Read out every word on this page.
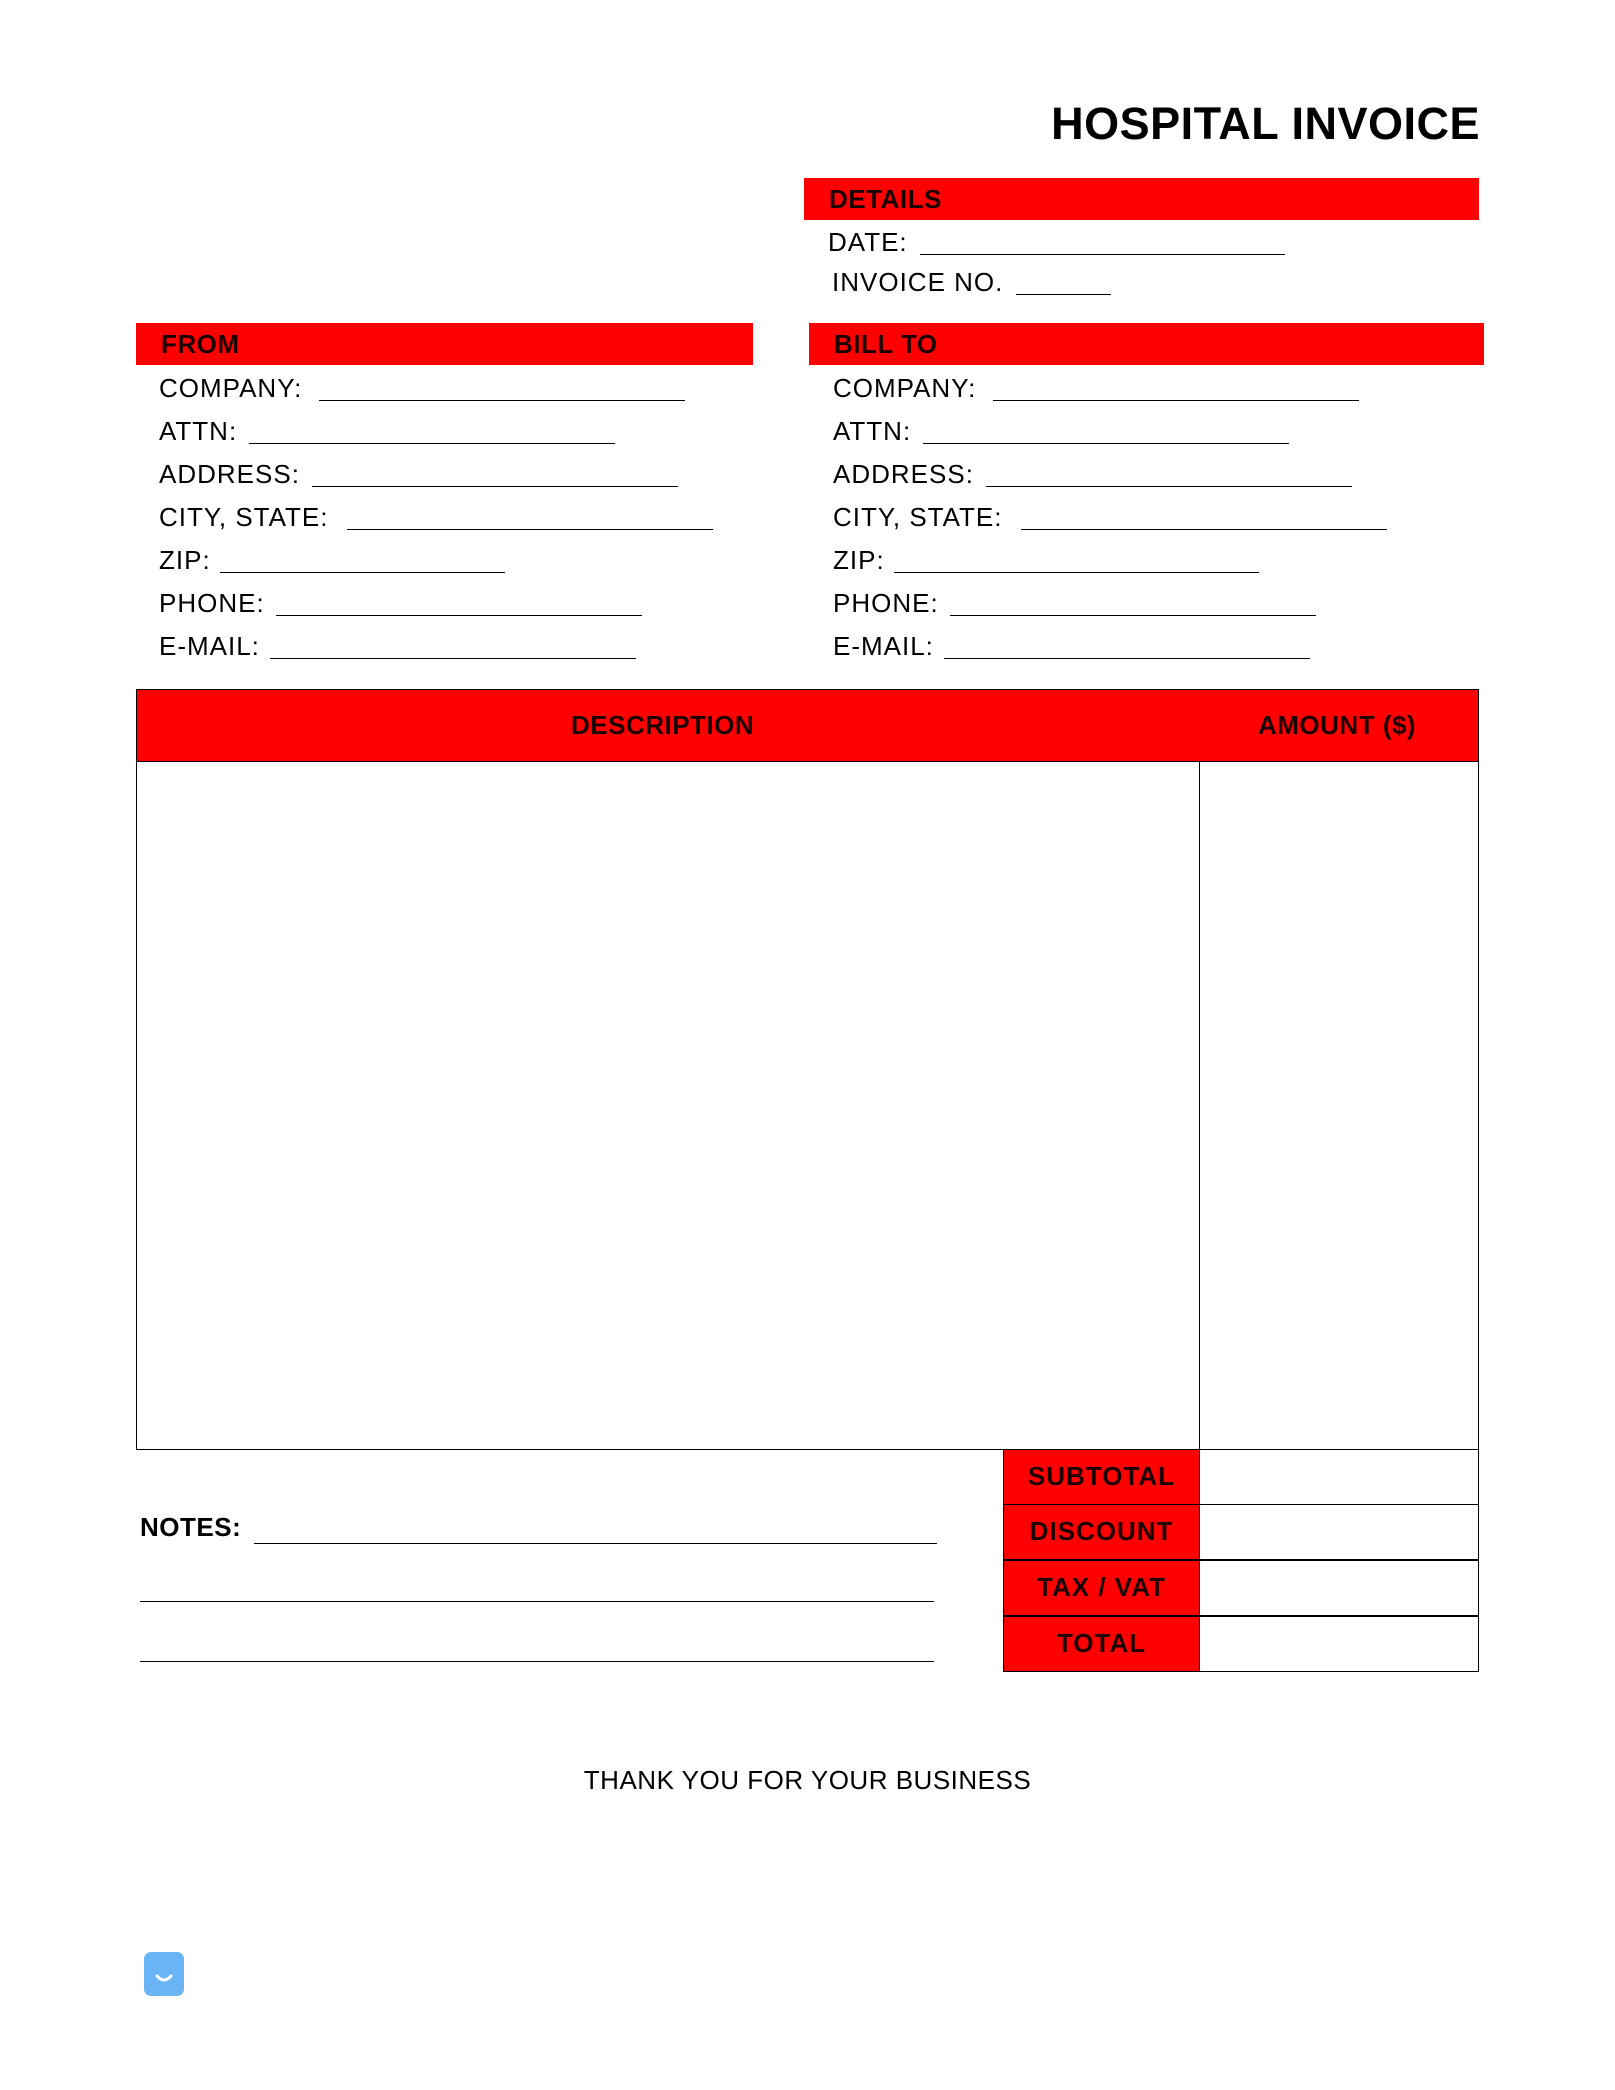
HOSPITAL INVOICE
DETAILS
DATE:
INVOICE NO.
FROM
COMPANY:
ATTN:
ADDRESS:
CITY, STATE:
ZIP:
PHONE:
E-MAIL:
BILL TO
COMPANY:
ATTN:
ADDRESS:
CITY, STATE:
ZIP:
PHONE:
E-MAIL:
DESCRIPTION	AMOUNT ($)
NOTES:
SUBTOTAL
DISCOUNT
TAX / VAT
TOTAL
THANK YOU FOR YOUR BUSINESS
